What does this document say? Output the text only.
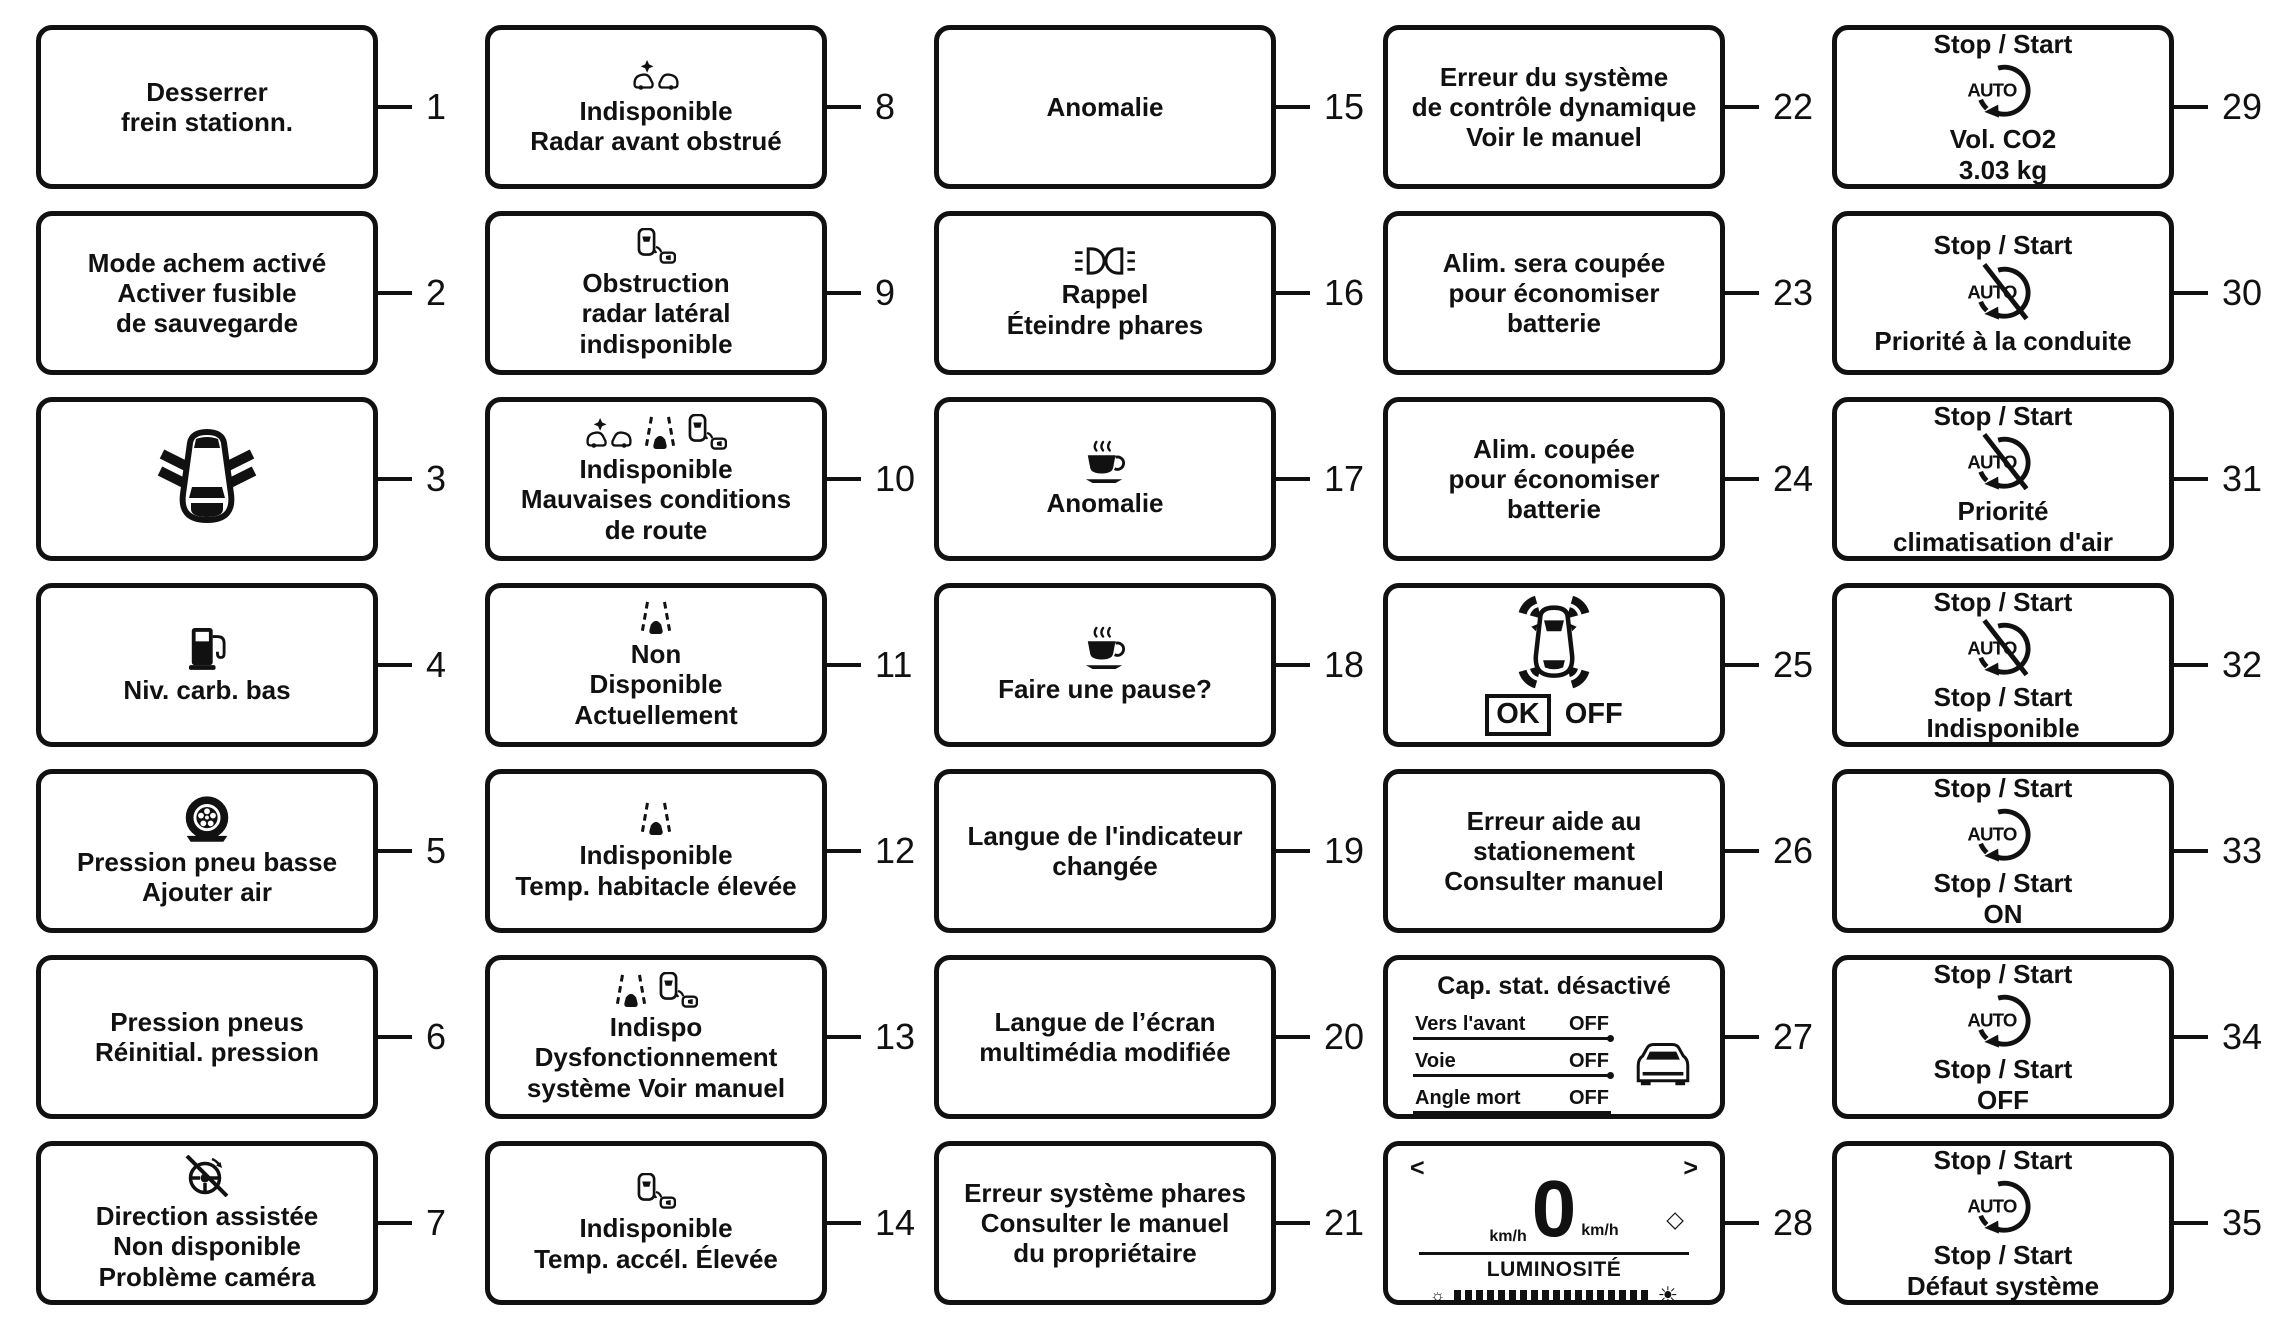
Desserrer
frein stationn.	1
Mode achem activé
Activer fusible
de sauvegarde
2
3
Niv. carb. bas
4
Pression pneu basse
Ajouter air
5
Pression pneus
Réinitial. pression	6
Direction assistée
Non disponible
Problème caméra
7
Indisponible
Radar avant obstrué
8
Obstruction
radar latéral
indisponible
9
Indisponible
Mauvaises conditions
de route
10
Non
Disponible
Actuellement
11
Indisponible
Temp. habitacle élevée
12
Indispo
Dysfonctionnement
système Voir manuel
13
Indisponible
Temp. accél. Élevée
14
Anomalie	15
Rappel
Éteindre phares
16
Anomalie
17
Faire une pause?
18
Langue de l'indicateur
changée	19
Langue de l’écran
multimédia modifiée	20
Erreur système phares
Consulter le manuel
du propriétaire
21
Erreur du système
de contrôle dynamique
Voir le manuel
22
Alim. sera coupée
pour économiser
batterie
23
Alim. coupée
pour économiser
batterie
24
OK OFF
25
Erreur aide au
stationement
Consulter manuel
26
Cap. stat. désactivé
Vers l'avant OFF
Voie	OFF
Angle mort OFF
27
<	>
km/h 0 km/h ◇
LUMINOSITÉ
☼	☀
28
Stop / Start
AUTO
Vol. CO2
3.03 kg
29
Stop / Start
AUTO
Priorité à la conduite
30
Stop / Start
AUTO
Priorité
climatisation d'air
31
Stop / Start
AUTO
Stop / Start
Indisponible
32
Stop / Start
AUTO
Stop / Start
ON
33
Stop / Start
AUTO
Stop / Start
OFF
34
Stop / Start
AUTO
Stop / Start
Défaut système
35
